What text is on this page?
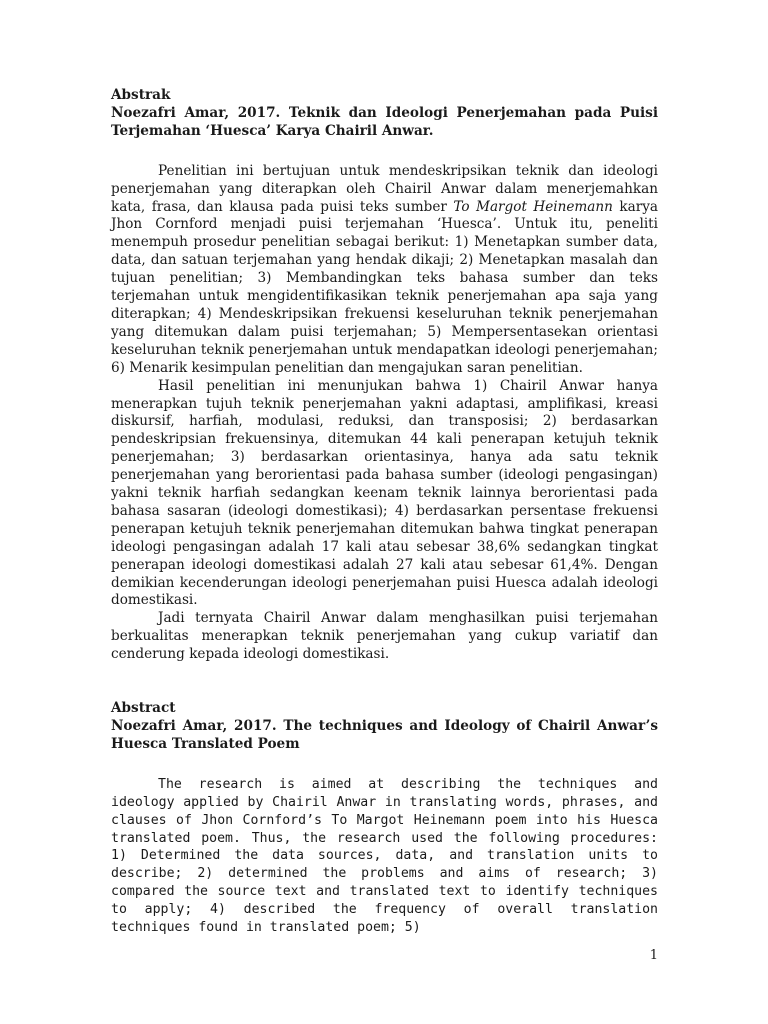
Abstrak

Noezafri Amar, 2017. Teknik dan Ideologi Penerjemahan pada Puisi Terjemahan ‘Huesca’ Karya Chairil Anwar.

Penelitian ini bertujuan untuk mendeskripsikan teknik dan ideologi penerjemahan yang diterapkan oleh Chairil Anwar dalam menerjemahkan kata, frasa, dan klausa pada puisi teks sumber To Margot Heinemann karya Jhon Cornford menjadi puisi terjemahan ‘Huesca’. Untuk itu, peneliti menempuh prosedur penelitian sebagai berikut: 1) Menetapkan sumber data, data, dan satuan terjemahan yang hendak dikaji; 2) Menetapkan masalah dan tujuan penelitian; 3) Membandingkan teks bahasa sumber dan teks terjemahan untuk mengidentifikasikan teknik penerjemahan apa saja yang diterapkan; 4) Mendeskripsikan frekuensi keseluruhan teknik penerjemahan yang ditemukan dalam puisi terjemahan; 5) Mempersentasekan orientasi keseluruhan teknik penerjemahan untuk mendapatkan ideologi penerjemahan; 6) Menarik kesimpulan penelitian dan mengajukan saran penelitian.

Hasil penelitian ini menunjukan bahwa 1) Chairil Anwar hanya menerapkan tujuh teknik penerjemahan yakni adaptasi, amplifikasi, kreasi diskursif, harfiah, modulasi, reduksi, dan transposisi; 2) berdasarkan pendeskripsian frekuensinya, ditemukan 44 kali penerapan ketujuh teknik penerjemahan; 3) berdasarkan orientasinya, hanya ada satu teknik penerjemahan yang berorientasi pada bahasa sumber (ideologi pengasingan) yakni teknik harfiah sedangkan keenam teknik lainnya berorientasi pada bahasa sasaran (ideologi domestikasi); 4) berdasarkan persentase frekuensi penerapan ketujuh teknik penerjemahan ditemukan bahwa tingkat penerapan ideologi pengasingan adalah 17 kali atau sebesar 38,6% sedangkan tingkat penerapan ideologi domestikasi adalah 27 kali atau sebesar 61,4%. Dengan demikian kecenderungan ideologi penerjemahan puisi Huesca adalah ideologi domestikasi.

Jadi ternyata Chairil Anwar dalam menghasilkan puisi terjemahan berkualitas menerapkan teknik penerjemahan yang cukup variatif dan cenderung kepada ideologi domestikasi.

Abstract

Noezafri Amar, 2017. The techniques and Ideology of Chairil Anwar’s Huesca Translated Poem

The research is aimed at describing the techniques and ideology applied by Chairil Anwar in translating words, phrases, and clauses of Jhon Cornford’s To Margot Heinemann poem into his Huesca translated poem. Thus, the research used the following procedures: 1) Determined the data sources, data, and translation units to describe; 2) determined the problems and aims of research; 3) compared the source text and translated text to identify techniques to apply; 4) described the frequency of overall translation techniques found in translated poem; 5)

1
